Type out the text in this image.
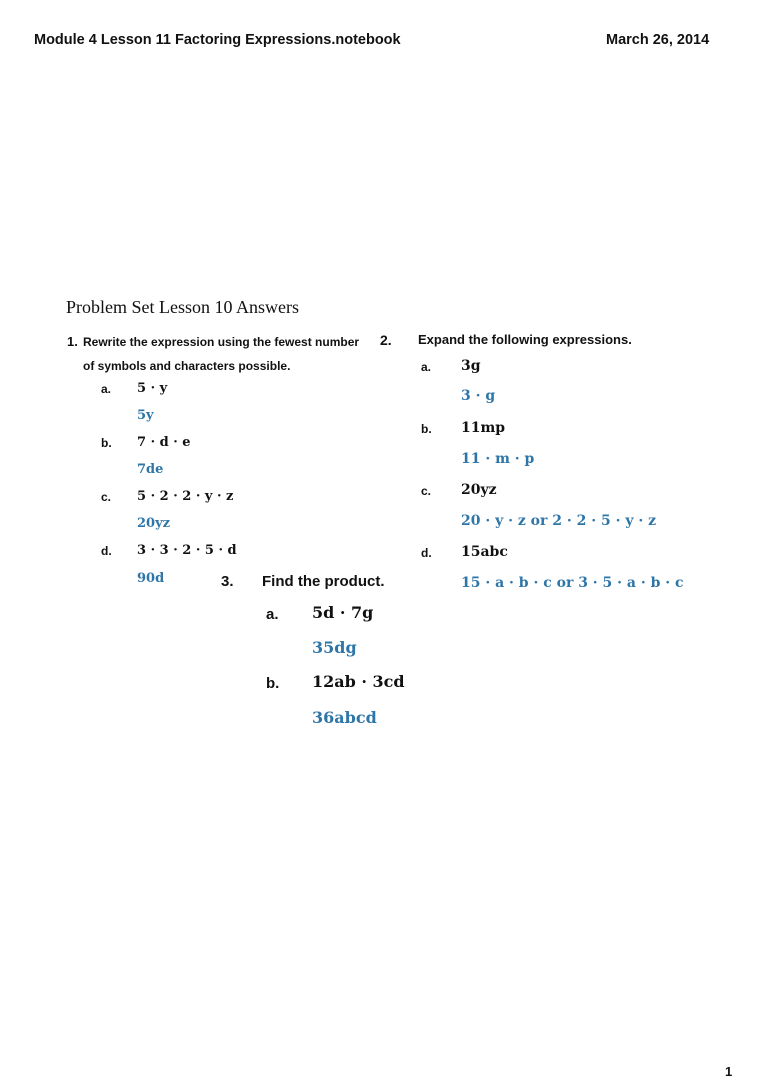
Module 4 Lesson 11 Factoring Expressions.notebook	March 26, 2014
Problem Set Lesson 10 Answers
1. Rewrite the expression using the fewest number
of symbols and characters possible.
a. 5 · y
5y
b. 7 · d · e
7de
c. 5 · 2 · 2 · y · z
20yz
d. 3 · 3 · 2 · 5 · d
90d
2. Expand the following expressions.
a. 3g
3 · g
b. 11mp
11 · m · p
c. 20yz
20 · y · z or 2 · 2 · 5 · y · z
d. 15abc
15 · a · b · c or 3 · 5 · a · b · c
3. Find the product.
a. 5d · 7g
35dg
b. 12ab · 3cd
36abcd
1
